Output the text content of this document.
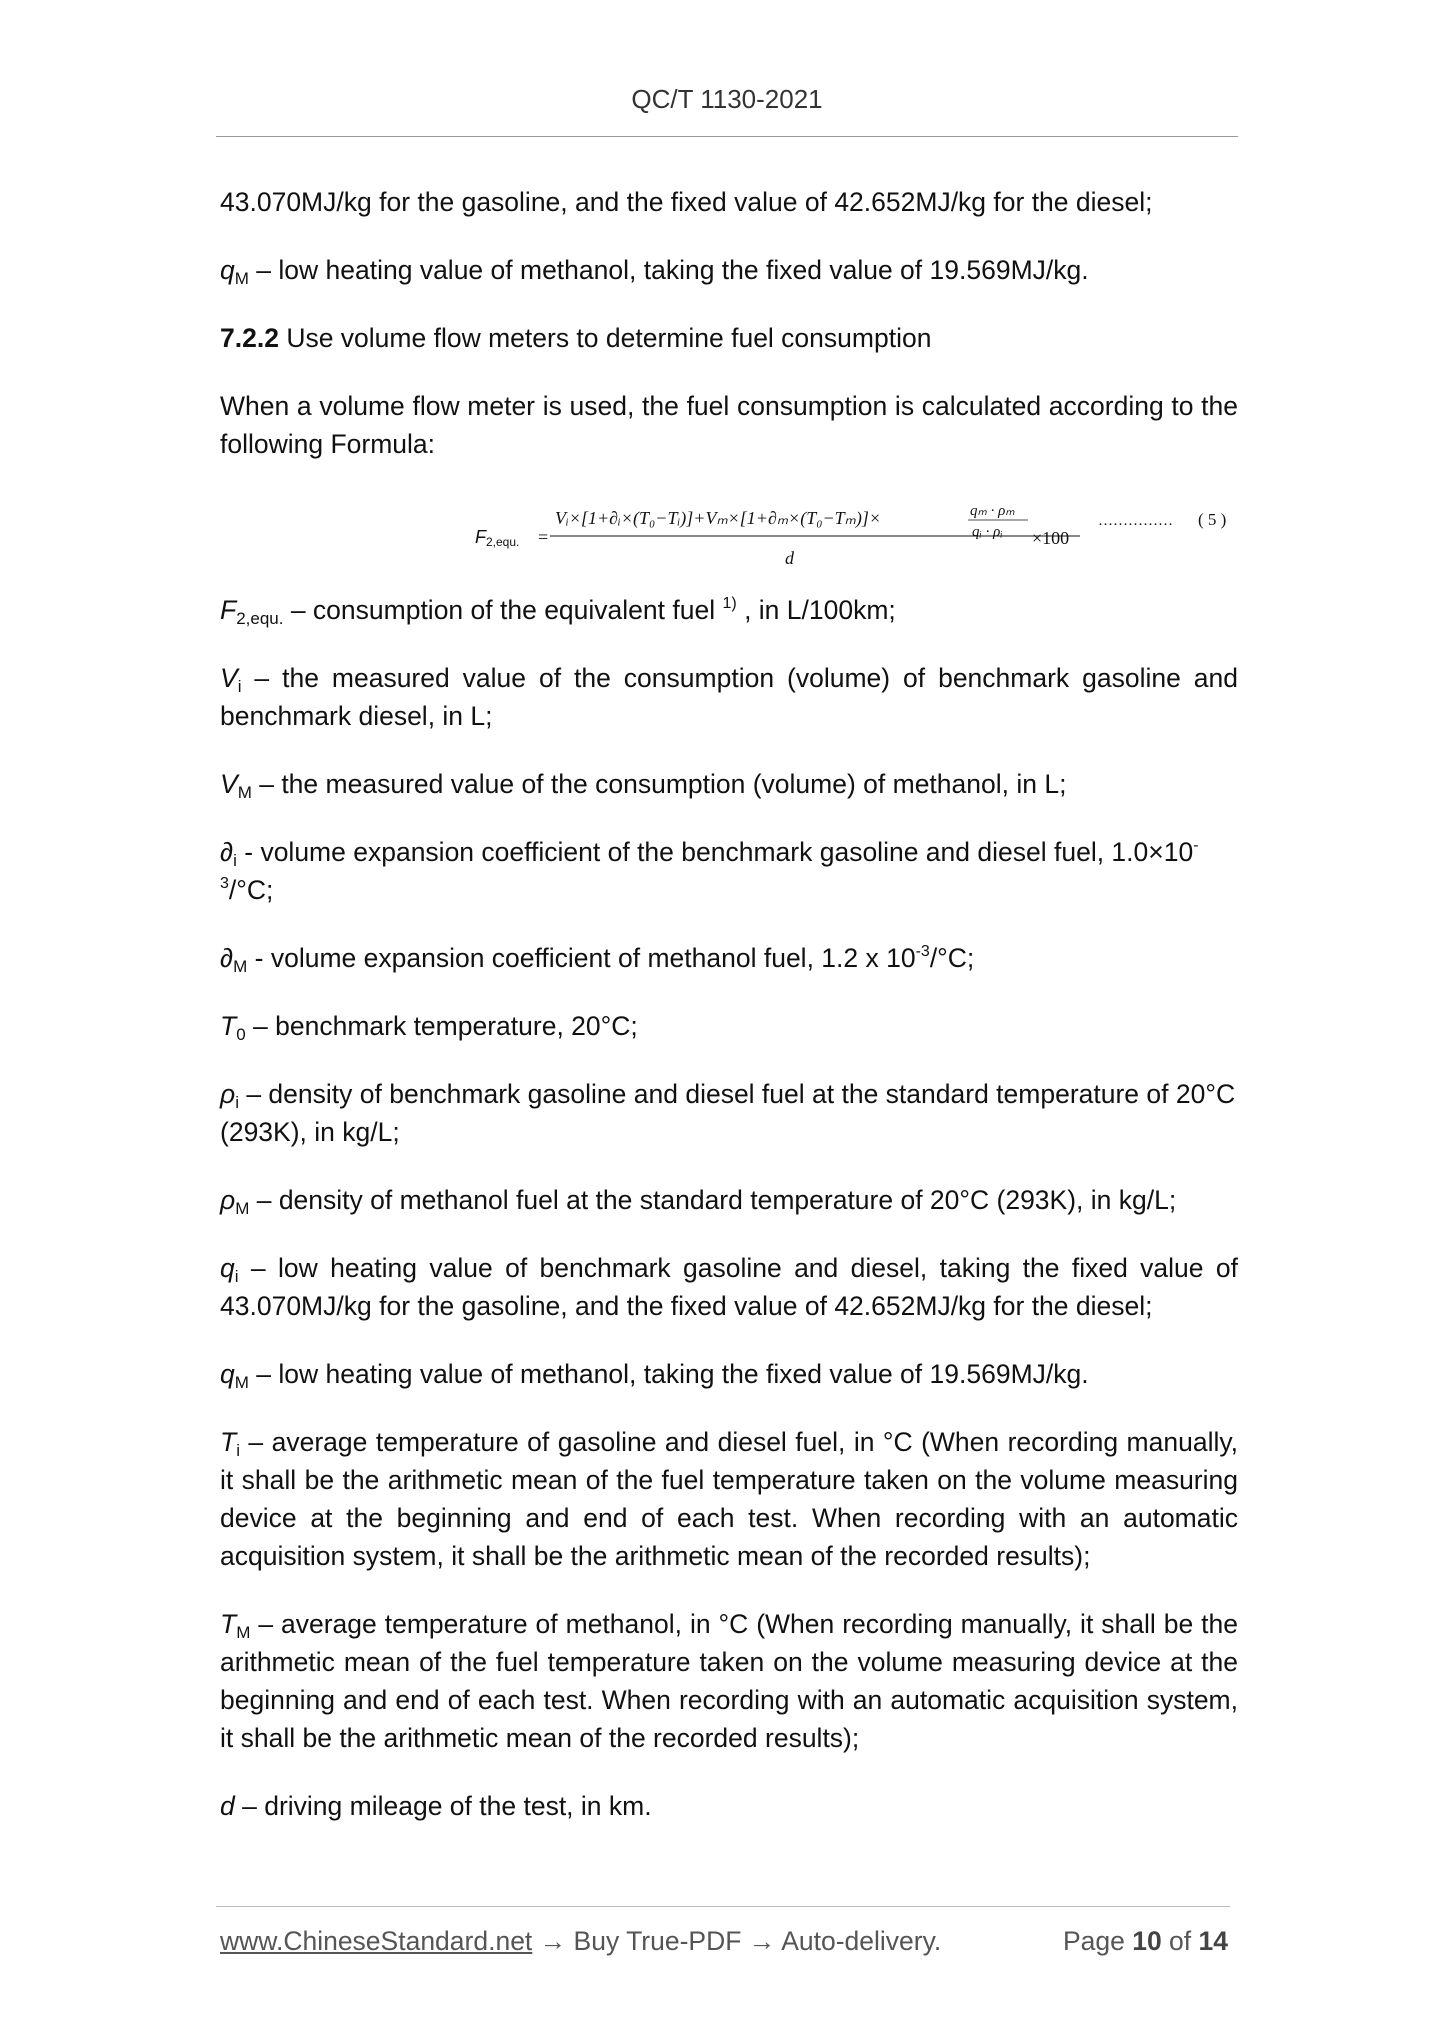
QC/T 1130-2021

43.070MJ/kg for the gasoline, and the fixed value of 42.652MJ/kg for the diesel;

$q_M$ – low heating value of methanol, taking the fixed value of 19.569MJ/kg.

7.2.2 Use volume flow meters to determine fuel consumption

When a volume flow meter is used, the fuel consumption is calculated according to the following Formula:

F2,equ. =
Vᵢ×[1+∂ᵢ×(T₀−Tᵢ)]+Vₘ×[1+∂ₘ×(T₀−Tₘ)]×	qₘ · ρₘ
qᵢ · ρᵢ ×100
d
…………… ( 5 )

$F_{2,equ.}$ – consumption of the equivalent fuel $^{1)}$ , in L/100km;

$V_i$ – the measured value of the consumption (volume) of benchmark gasoline and benchmark diesel, in L;

$V_M$ – the measured value of the consumption (volume) of methanol, in L;

$\partial_i$ - volume expansion coefficient of the benchmark gasoline and diesel fuel, 1.0×10-
$^3$/°C;

$\partial_M$ - volume expansion coefficient of methanol fuel, 1.2 x $10^{-3}/^\circ C$;

$T_0$ – benchmark temperature, 20°C;

$\rho_i$ – density of benchmark gasoline and diesel fuel at the standard temperature of 20°C (293K), in kg/L;

$\rho_M$ – density of methanol fuel at the standard temperature of 20°C (293K), in kg/L;

$q_i$ – low heating value of benchmark gasoline and diesel, taking the fixed value of 43.070MJ/kg for the gasoline, and the fixed value of 42.652MJ/kg for the diesel;

$q_M$ – low heating value of methanol, taking the fixed value of 19.569MJ/kg.

$T_i$ – average temperature of gasoline and diesel fuel, in °C (When recording manually, it shall be the arithmetic mean of the fuel temperature taken on the volume measuring device at the beginning and end of each test. When recording with an automatic acquisition system, it shall be the arithmetic mean of the recorded results);

$T_M$ – average temperature of methanol, in °C (When recording manually, it shall be the arithmetic mean of the fuel temperature taken on the volume measuring device at the beginning and end of each test. When recording with an automatic acquisition system, it shall be the arithmetic mean of the recorded results);

d – driving mileage of the test, in km.

www.ChineseStandard.net → Buy True-PDF → Auto-delivery.	Page 10 of 14
